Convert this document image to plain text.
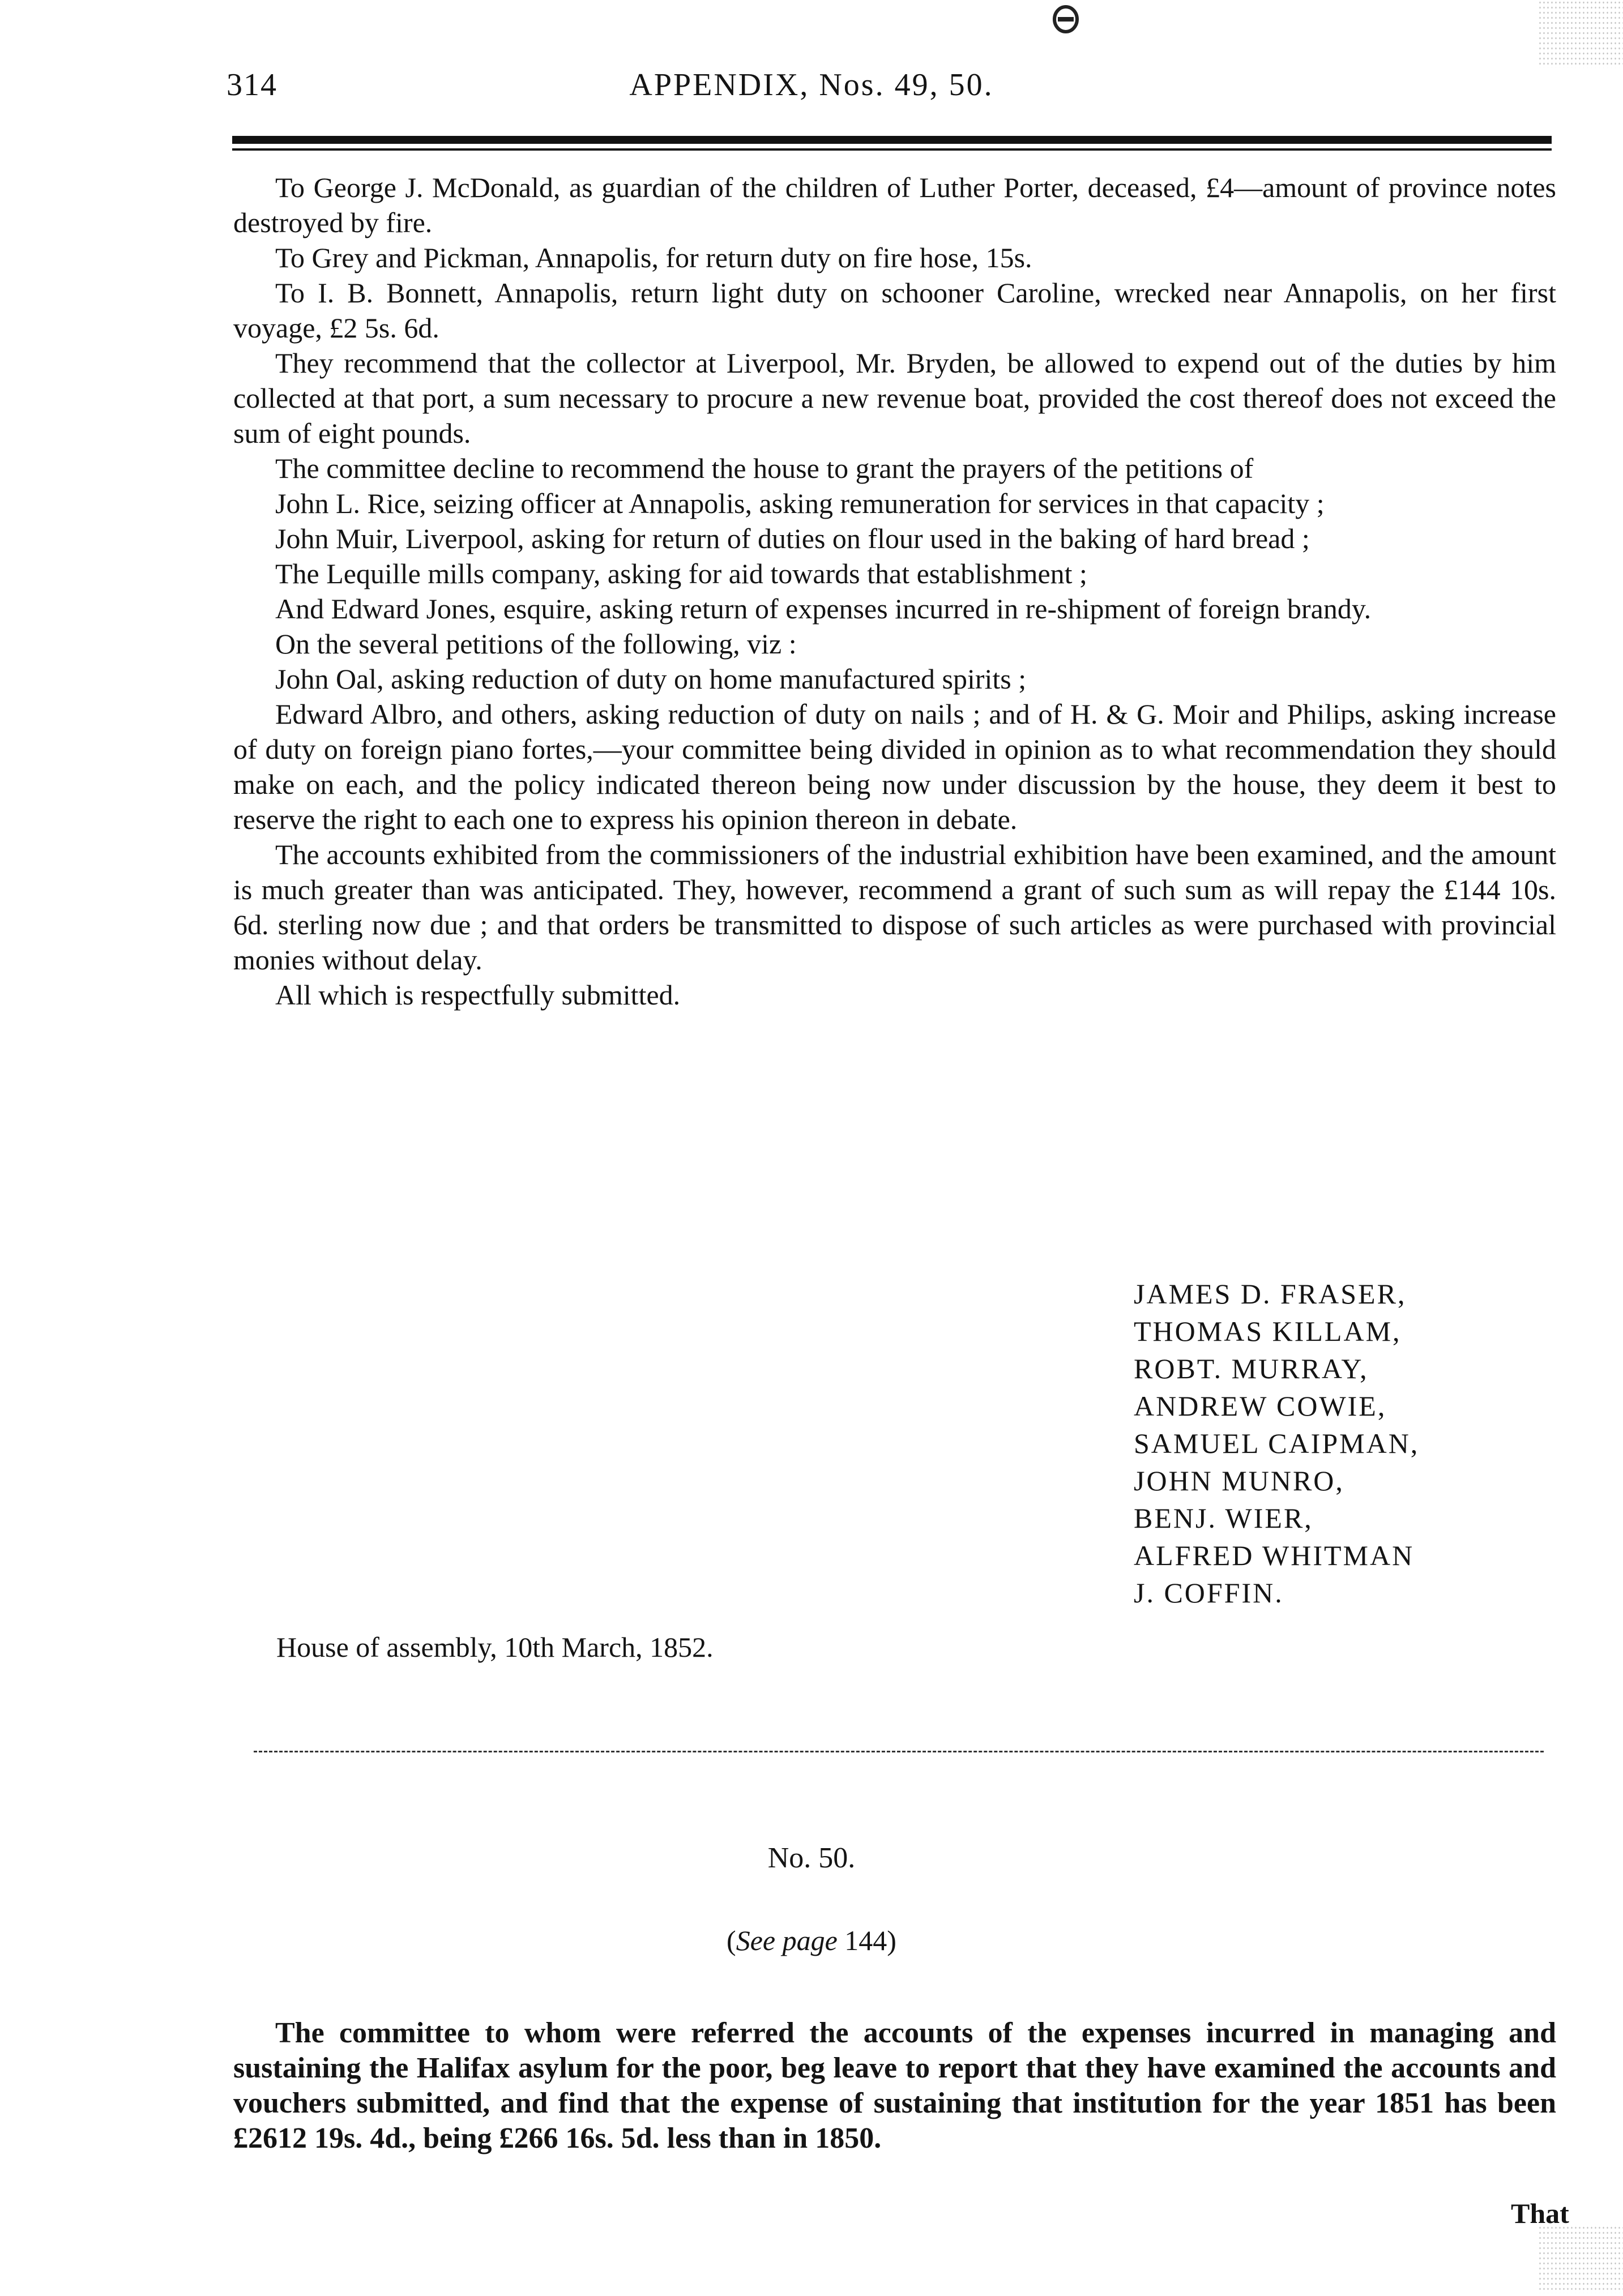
314	APPENDIX, Nos. 49, 50.

To George J. McDonald, as guardian of the children of Luther Porter, deceased, £4—amount of province notes destroyed by fire.

To Grey and Pickman, Annapolis, for return duty on fire hose, 15s.

To I. B. Bonnett, Annapolis, return light duty on schooner Caroline, wrecked near Annapolis, on her first voyage, £2 5s. 6d.

They recommend that the collector at Liverpool, Mr. Bryden, be allowed to expend out of the duties by him collected at that port, a sum necessary to procure a new revenue boat, provided the cost thereof does not exceed the sum of eight pounds.

The committee decline to recommend the house to grant the prayers of the petitions of

John L. Rice, seizing officer at Annapolis, asking remuneration for services in that capacity ;

John Muir, Liverpool, asking for return of duties on flour used in the baking of hard bread ;

The Lequille mills company, asking for aid towards that establishment ;

And Edward Jones, esquire, asking return of expenses incurred in re-shipment of foreign brandy.

On the several petitions of the following, viz :

John Oal, asking reduction of duty on home manufactured spirits ;

Edward Albro, and others, asking reduction of duty on nails ; and of H. & G. Moir and Philips, asking increase of duty on foreign piano fortes,—your committee being divided in opinion as to what recommendation they should make on each, and the policy indicated thereon being now under discussion by the house, they deem it best to reserve the right to each one to express his opinion thereon in debate.

The accounts exhibited from the commissioners of the industrial exhibition have been examined, and the amount is much greater than was anticipated. They, however, recommend a grant of such sum as will repay the £144 10s. 6d. sterling now due ; and that orders be transmitted to dispose of such articles as were purchased with provincial monies without delay.

All which is respectfully submitted.

JAMES D. FRASER,
THOMAS KILLAM,
ROBT. MURRAY,
ANDREW COWIE,
SAMUEL CAIPMAN,
JOHN MUNRO,
BENJ. WIER,
ALFRED WHITMAN
J. COFFIN.
House of assembly, 10th March, 1852.
No. 50.
(See page 144)

The committee to whom were referred the accounts of the expenses incurred in managing and sustaining the Halifax asylum for the poor, beg leave to report that they have examined the accounts and vouchers submitted, and find that the expense of sustaining that institution for the year 1851 has been £2612 19s. 4d., being £266 16s. 5d. less than in 1850.

That
